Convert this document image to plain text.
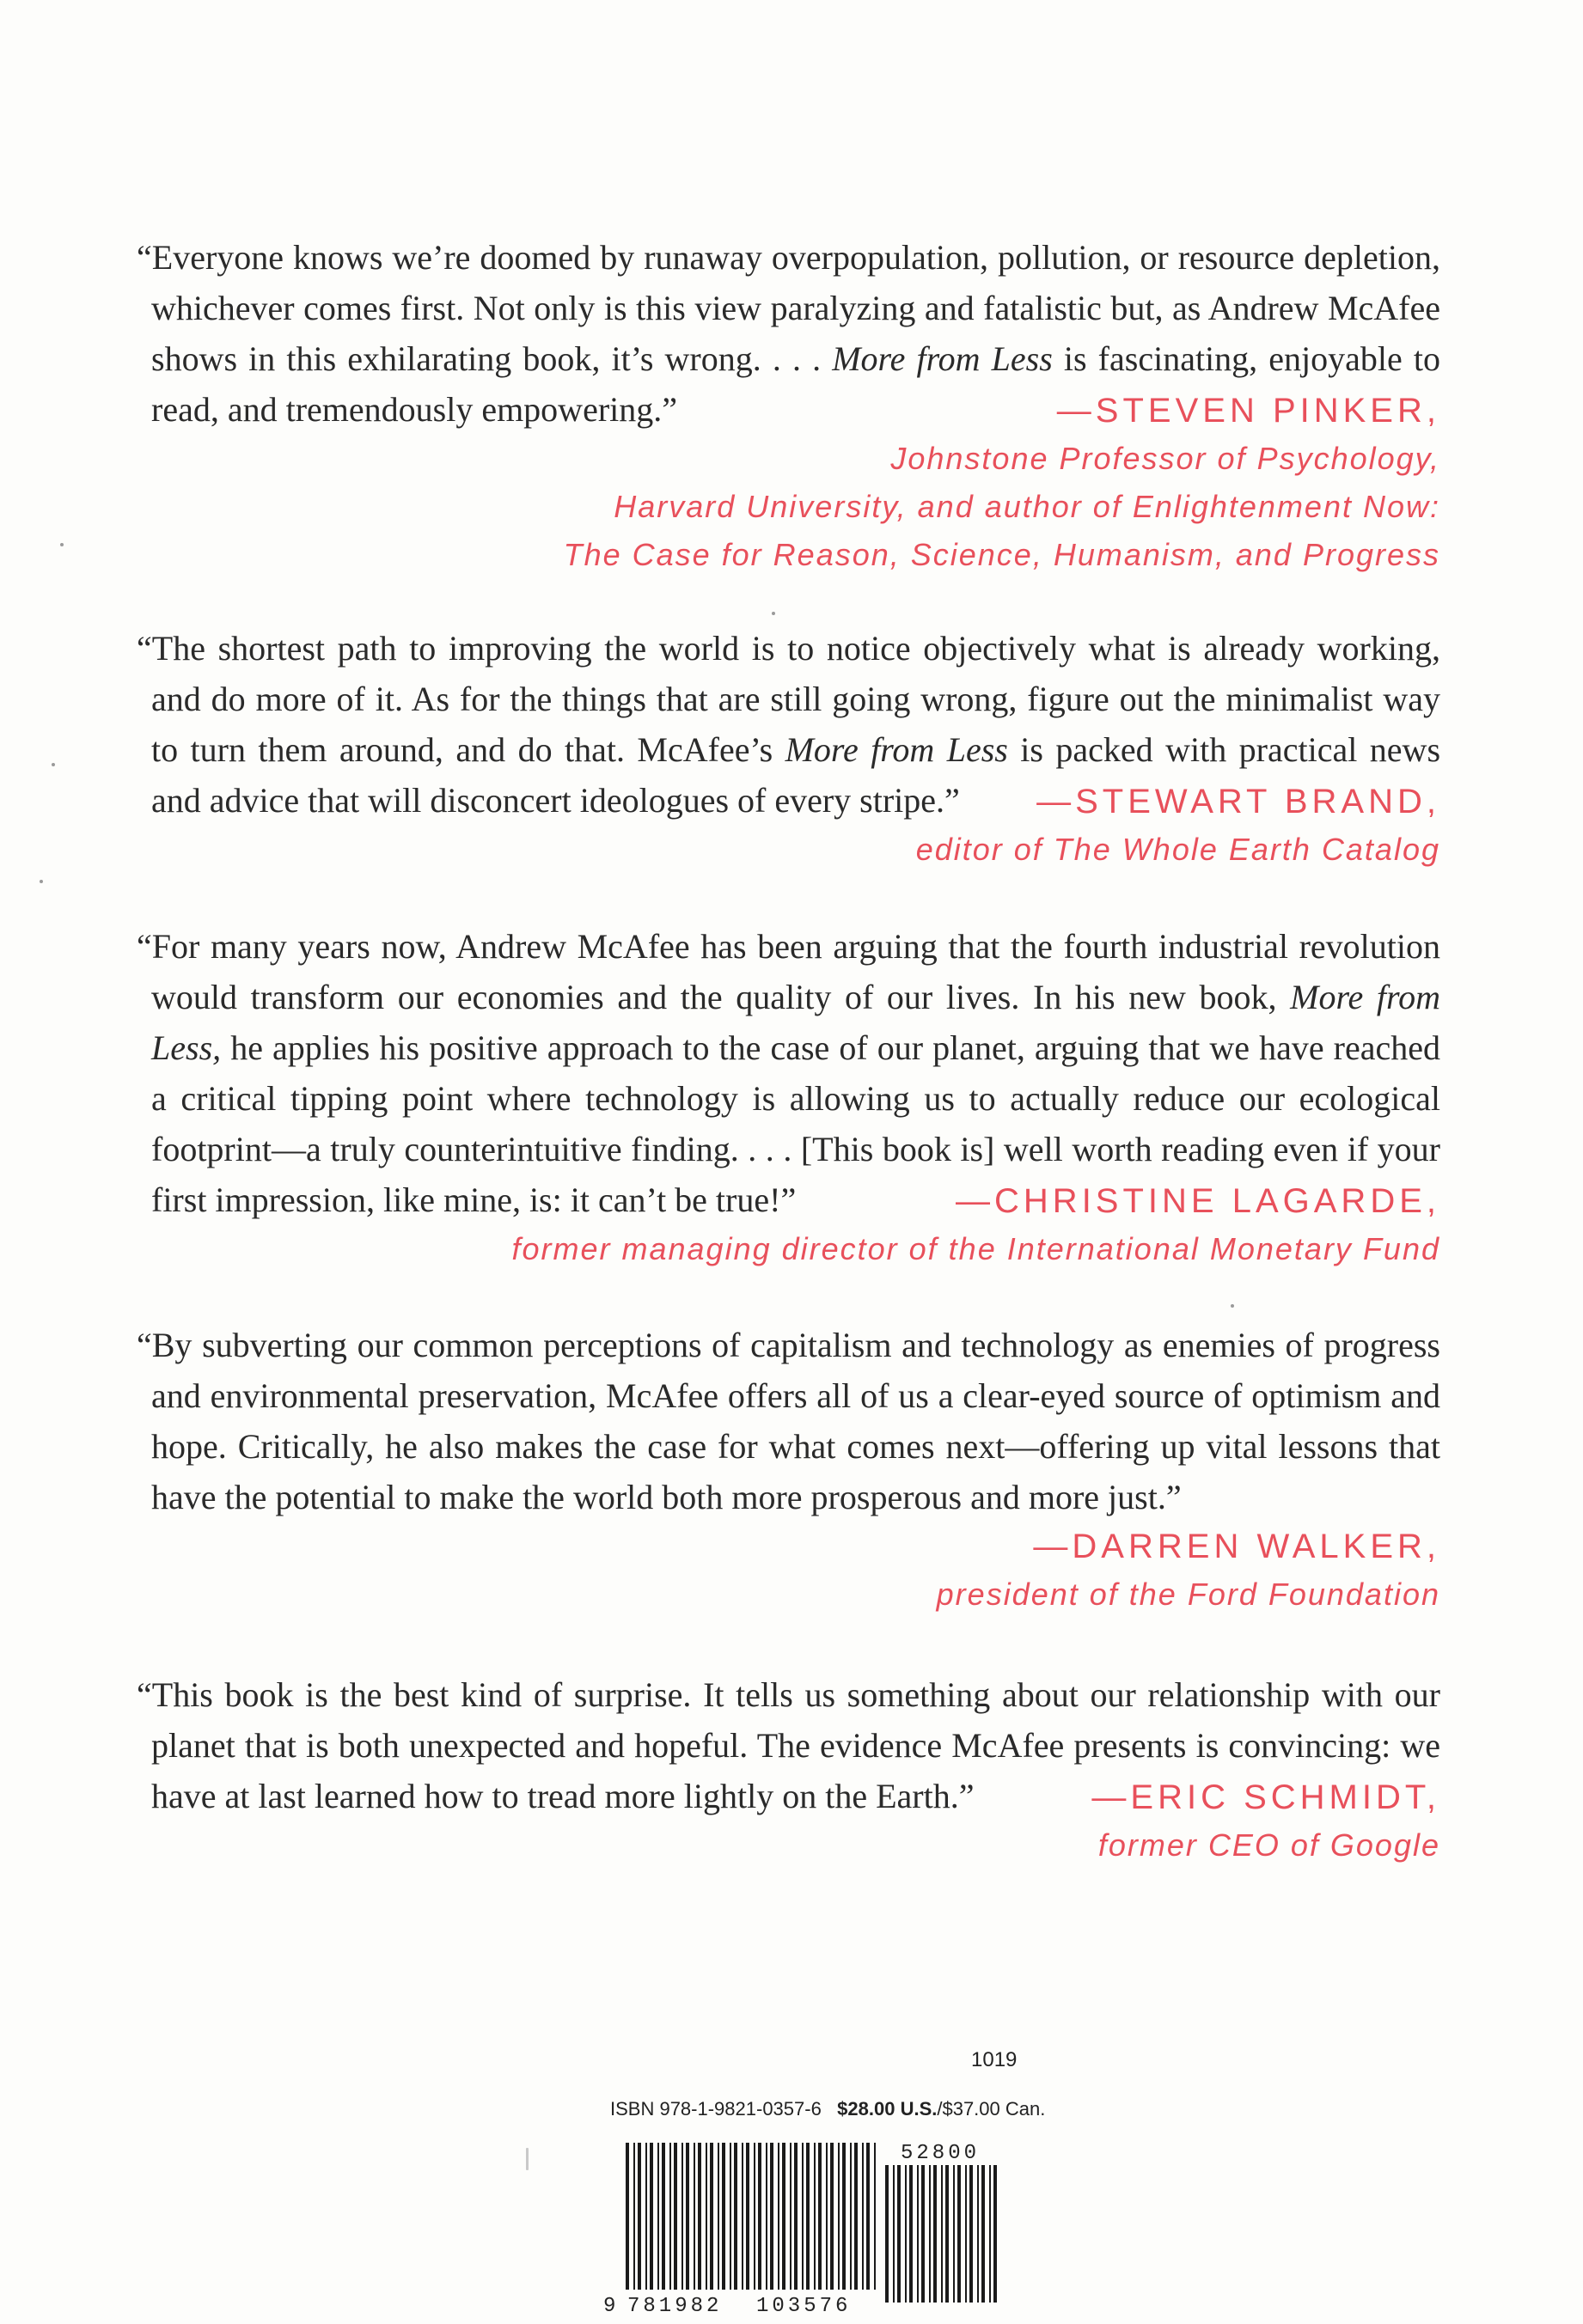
“Everyone knows we’re doomed by runaway overpopulation, pollution, or resource depletion, whichever comes first. Not only is this view paralyzing and fatalistic but, as Andrew McAfee shows in this exhilarating book, it’s wrong. . . . More from Less is fascinating, enjoyable to read, and tremendously empowering.”	—STEVEN PINKER,
Johnstone Professor of Psychology,
Harvard University, and author of Enlightenment Now:
The Case for Reason, Science, Humanism, and Progress

“The shortest path to improving the world is to notice objectively what is already working, and do more of it. As for the things that are still going wrong, figure out the minimalist way to turn them around, and do that. McAfee’s More from Less is packed with practical news and advice that will disconcert ideologues of every stripe.”	—STEWART BRAND,
editor of The Whole Earth Catalog

“For many years now, Andrew McAfee has been arguing that the fourth industrial revolution would transform our economies and the quality of our lives. In his new book, More from Less, he applies his positive approach to the case of our planet, arguing that we have reached a critical tipping point where technology is allowing us to actually reduce our ecological footprint—a truly counterintuitive finding. . . . [This book is] well worth reading even if your first impression, like mine, is: it can’t be true!”	—CHRISTINE LAGARDE,
former managing director of the International Monetary Fund

“By subverting our common perceptions of capitalism and technology as enemies of progress and environmental preservation, McAfee offers all of us a clear-eyed source of optimism and hope. Critically, he also makes the case for what comes next—offering up vital lessons that have the potential to make the world both more prosperous and more just.”

—DARREN WALKER,
president of the Ford Foundation

“This book is the best kind of surprise. It tells us something about our relationship with our planet that is both unexpected and hopeful. The evidence McAfee presents is convincing: we have at last learned how to tread more lightly on the Earth.”	—ERIC SCHMIDT,
former CEO of Google
1019
ISBN 978-1-9821-0357-6 $28.00 U.S./$37.00 Can.
9 781982 103576
52800
